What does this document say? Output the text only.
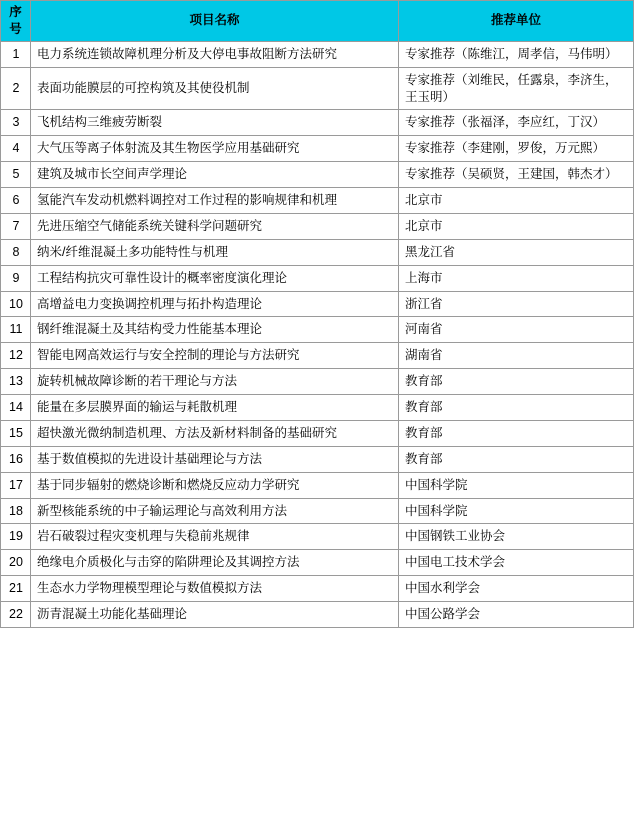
序号	项目名称	推荐单位
1	电力系统连锁故障机理分析及大停电事故阻断方法研究	专家推荐（陈维江，周孝信，马伟明）
2	表面功能膜层的可控构筑及其使役机制	专家推荐（刘维民，任露泉，李济生，王玉明）
3	飞机结构三维疲劳断裂	专家推荐（张福泽，李应红，丁汉）
4	大气压等离子体射流及其生物医学应用基础研究	专家推荐（李建刚，罗俊，万元熙）
5	建筑及城市长空间声学理论	专家推荐（吴硕贤，王建国，韩杰才）
6	氢能汽车发动机燃料调控对工作过程的影响规律和机理	北京市
7	先进压缩空气储能系统关键科学问题研究	北京市
8	纳米/纤维混凝土多功能特性与机理	黑龙江省
9	工程结构抗灾可靠性设计的概率密度演化理论	上海市
10	高增益电力变换调控机理与拓扑构造理论	浙江省
11	钢纤维混凝土及其结构受力性能基本理论	河南省
12	智能电网高效运行与安全控制的理论与方法研究	湖南省
13	旋转机械故障诊断的若干理论与方法	教育部
14	能量在多层膜界面的输运与耗散机理	教育部
15	超快激光微纳制造机理、方法及新材料制备的基础研究	教育部
16	基于数值模拟的先进设计基础理论与方法	教育部
17	基于同步辐射的燃烧诊断和燃烧反应动力学研究	中国科学院
18	新型核能系统的中子输运理论与高效利用方法	中国科学院
19	岩石破裂过程灾变机理与失稳前兆规律	中国钢铁工业协会
20	绝缘电介质极化与击穿的陷阱理论及其调控方法	中国电工技术学会
21	生态水力学物理模型理论与数值模拟方法	中国水利学会
22	沥青混凝土功能化基础理论	中国公路学会
